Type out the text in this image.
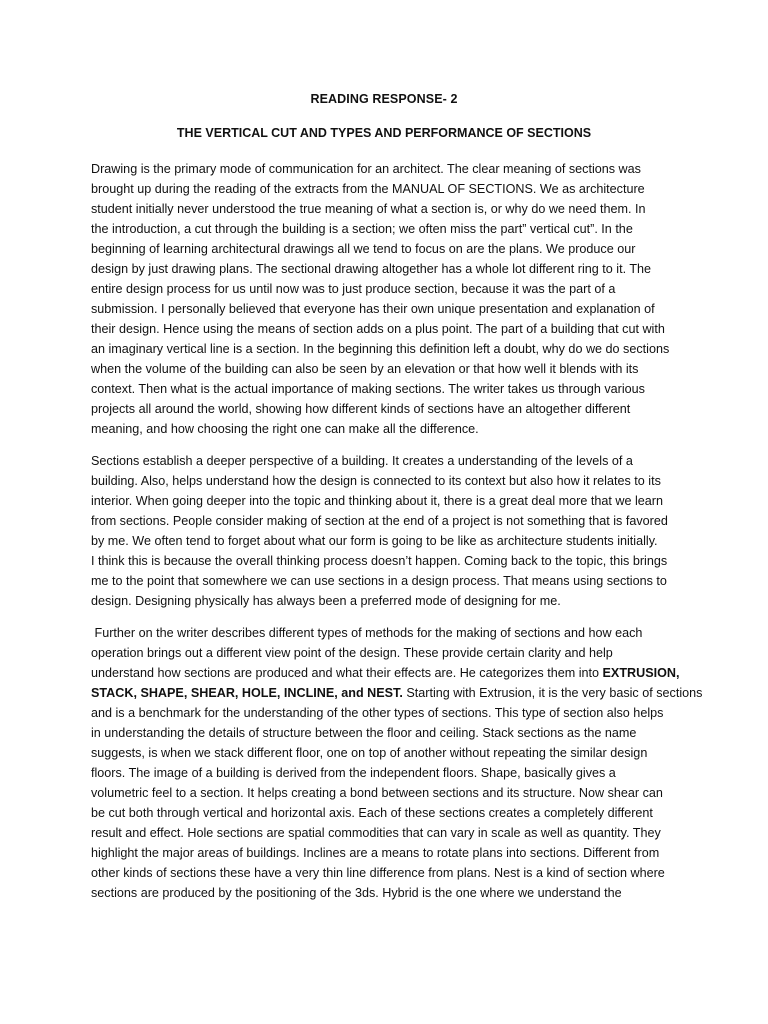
READING RESPONSE- 2
THE VERTICAL CUT AND TYPES AND PERFORMANCE OF SECTIONS

Drawing is the primary mode of communication for an architect. The clear meaning of sections was
brought up during the reading of the extracts from the MANUAL OF SECTIONS. We as architecture
student initially never understood the true meaning of what a section is, or why do we need them. In
the introduction, a cut through the building is a section; we often miss the part” vertical cut”. In the
beginning of learning architectural drawings all we tend to focus on are the plans. We produce our
design by just drawing plans. The sectional drawing altogether has a whole lot different ring to it. The
entire design process for us until now was to just produce section, because it was the part of a
submission. I personally believed that everyone has their own unique presentation and explanation of
their design. Hence using the means of section adds on a plus point. The part of a building that cut with
an imaginary vertical line is a section. In the beginning this definition left a doubt, why do we do sections
when the volume of the building can also be seen by an elevation or that how well it blends with its
context. Then what is the actual importance of making sections. The writer takes us through various
projects all around the world, showing how different kinds of sections have an altogether different
meaning, and how choosing the right one can make all the difference.

Sections establish a deeper perspective of a building. It creates a understanding of the levels of a
building. Also, helps understand how the design is connected to its context but also how it relates to its
interior. When going deeper into the topic and thinking about it, there is a great deal more that we learn
from sections. People consider making of section at the end of a project is not something that is favored
by me. We often tend to forget about what our form is going to be like as architecture students initially.
I think this is because the overall thinking process doesn’t happen. Coming back to the topic, this brings
me to the point that somewhere we can use sections in a design process. That means using sections to
design. Designing physically has always been a preferred mode of designing for me.

Further on the writer describes different types of methods for the making of sections and how each
operation brings out a different view point of the design. These provide certain clarity and help
understand how sections are produced and what their effects are. He categorizes them into EXTRUSION,
STACK, SHAPE, SHEAR, HOLE, INCLINE, and NEST. Starting with Extrusion, it is the very basic of sections
and is a benchmark for the understanding of the other types of sections. This type of section also helps
in understanding the details of structure between the floor and ceiling. Stack sections as the name
suggests, is when we stack different floor, one on top of another without repeating the similar design
floors. The image of a building is derived from the independent floors. Shape, basically gives a
volumetric feel to a section. It helps creating a bond between sections and its structure. Now shear can
be cut both through vertical and horizontal axis. Each of these sections creates a completely different
result and effect. Hole sections are spatial commodities that can vary in scale as well as quantity. They
highlight the major areas of buildings. Inclines are a means to rotate plans into sections. Different from
other kinds of sections these have a very thin line difference from plans. Nest is a kind of section where
sections are produced by the positioning of the 3ds. Hybrid is the one where we understand the
